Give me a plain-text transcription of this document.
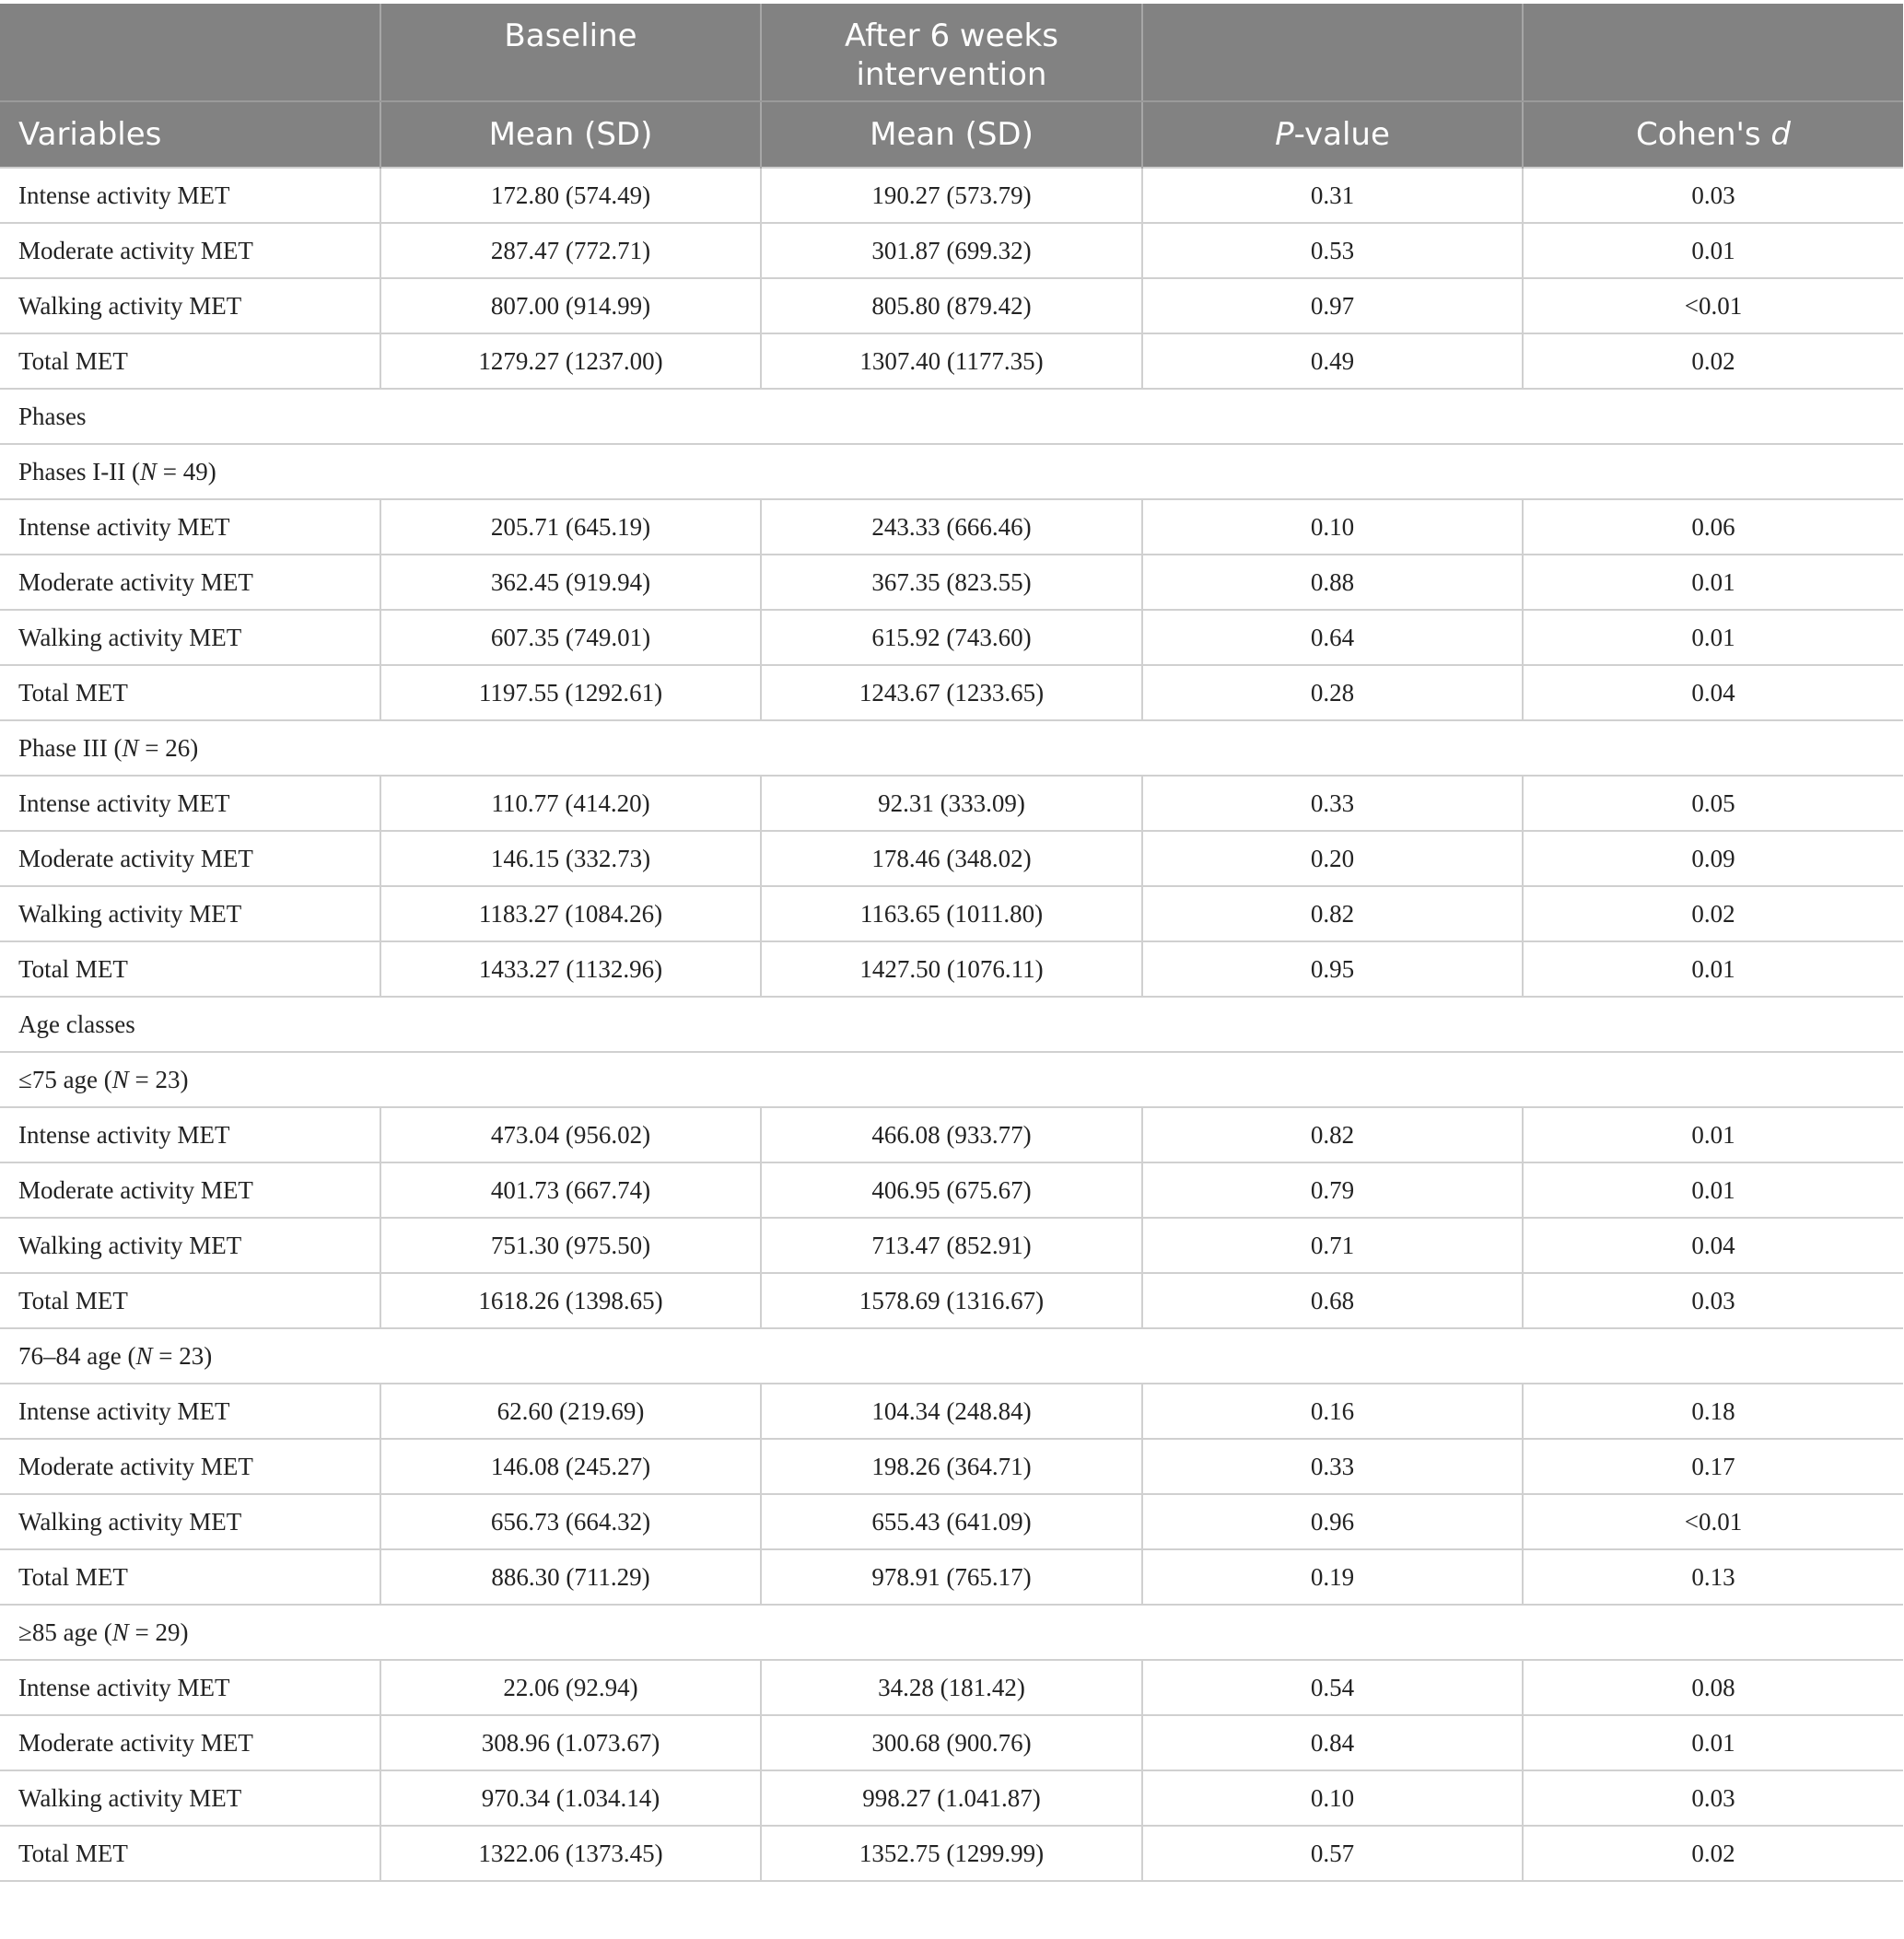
	Baseline	After 6 weeks
intervention		
Variables	Mean (SD)	Mean (SD)	P-value	Cohen's d
Intense activity MET	172.80 (574.49)	190.27 (573.79)	0.31	0.03
Moderate activity MET	287.47 (772.71)	301.87 (699.32)	0.53	0.01
Walking activity MET	807.00 (914.99)	805.80 (879.42)	0.97	<0.01
Total MET	1279.27 (1237.00)	1307.40 (1177.35)	0.49	0.02
Phases				
Phases I-II (N = 49)				
Intense activity MET	205.71 (645.19)	243.33 (666.46)	0.10	0.06
Moderate activity MET	362.45 (919.94)	367.35 (823.55)	0.88	0.01
Walking activity MET	607.35 (749.01)	615.92 (743.60)	0.64	0.01
Total MET	1197.55 (1292.61)	1243.67 (1233.65)	0.28	0.04
Phase III (N = 26)				
Intense activity MET	110.77 (414.20)	92.31 (333.09)	0.33	0.05
Moderate activity MET	146.15 (332.73)	178.46 (348.02)	0.20	0.09
Walking activity MET	1183.27 (1084.26)	1163.65 (1011.80)	0.82	0.02
Total MET	1433.27 (1132.96)	1427.50 (1076.11)	0.95	0.01
Age classes				
≤75 age (N = 23)				
Intense activity MET	473.04 (956.02)	466.08 (933.77)	0.82	0.01
Moderate activity MET	401.73 (667.74)	406.95 (675.67)	0.79	0.01
Walking activity MET	751.30 (975.50)	713.47 (852.91)	0.71	0.04
Total MET	1618.26 (1398.65)	1578.69 (1316.67)	0.68	0.03
76–84 age (N = 23)				
Intense activity MET	62.60 (219.69)	104.34 (248.84)	0.16	0.18
Moderate activity MET	146.08 (245.27)	198.26 (364.71)	0.33	0.17
Walking activity MET	656.73 (664.32)	655.43 (641.09)	0.96	<0.01
Total MET	886.30 (711.29)	978.91 (765.17)	0.19	0.13
≥85 age (N = 29)				
Intense activity MET	22.06 (92.94)	34.28 (181.42)	0.54	0.08
Moderate activity MET	308.96 (1.073.67)	300.68 (900.76)	0.84	0.01
Walking activity MET	970.34 (1.034.14)	998.27 (1.041.87)	0.10	0.03
Total MET	1322.06 (1373.45)	1352.75 (1299.99)	0.57	0.02
